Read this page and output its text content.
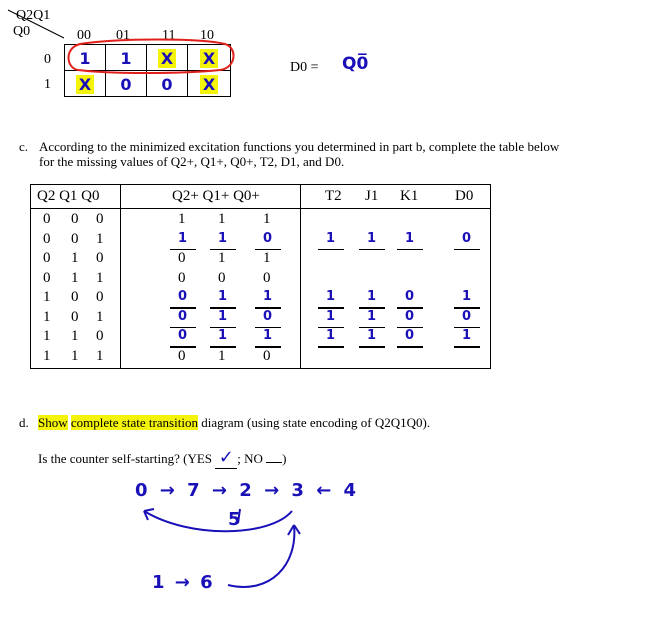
Q2Q1
Q0	00 01 11 10
0
1
1	1	X	X
X	0	0	X
D0 = Q0̅
c. According to the minimized excitation functions you determined in part b, complete the table below
for the missing values of Q2+, Q1+, Q0+, T2, D1, and D0.
Q2 Q1 Q0	Q2+ Q1+ Q0+	T2 J1 K1 D0
0 0 0	1 1	1
0 0 1	1 1	0	1 1 1	0
0 1 0	0 1	1
0 1 1	0 0	0
1 0 0	0 1	1	1 1 0	1
1 0 1	0 1	0	1 1 0	0
1 1 0	0 1	1	1 1 0	1
1 1 1	0 1	0
d. Show complete state transition diagram (using state encoding of Q2Q1Q0).
Is the counter self-starting? (YES ✓ ; NO )
0 → 7 → 2 → 3 ← 4
5
1 → 6
